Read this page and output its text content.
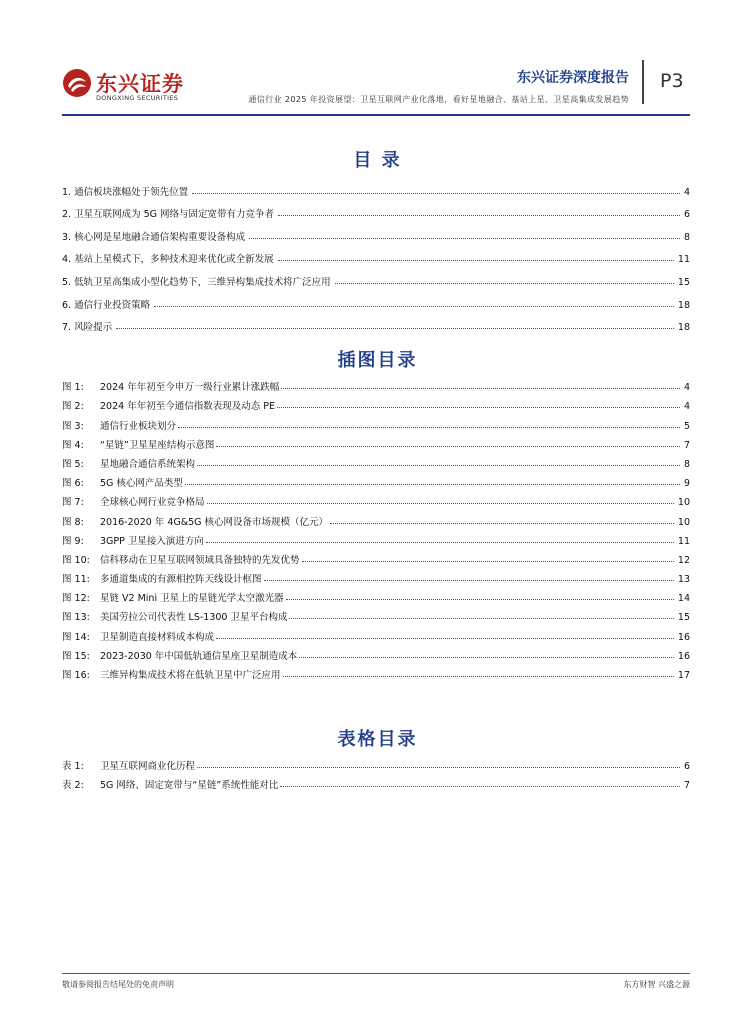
东兴证券
DONGXING SECURITIES
东兴证券深度报告
通信行业 2025 年投资展望：卫星互联网产业化落地，看好星地融合、基站上星、卫星高集成发展趋势
P3
目 录
1. 通信板块涨幅处于领先位置	4
2. 卫星互联网成为 5G 网络与固定宽带有力竞争者	6
3. 核心网是星地融合通信架构重要设备构成	8
4. 基站上星模式下，多种技术迎来优化或全新发展	11
5. 低轨卫星高集成小型化趋势下，三维异构集成技术将广泛应用	15
6. 通信行业投资策略	18
7. 风险提示	18
插图目录
图 1:	2024 年年初至今申万一级行业累计涨跌幅	4
图 2:	2024 年年初至今通信指数表现及动态 PE	4
图 3:	通信行业板块划分	5
图 4:	“星链”卫星星座结构示意图	7
图 5:	星地融合通信系统架构	8
图 6:	5G 核心网产品类型	9
图 7:	全球核心网行业竞争格局	10
图 8:	2016-2020 年 4G&5G 核心网设备市场规模（亿元）	10
图 9:	3GPP 卫星接入演进方向	11
图 10:	信科移动在卫星互联网领域具备独特的先发优势	12
图 11:	多通道集成的有源相控阵天线设计框图	13
图 12:	星链 V2 Mini 卫星上的星链光学太空激光器	14
图 13:	美国劳拉公司代表性 LS-1300 卫星平台构成	15
图 14:	卫星制造直接材料成本构成	16
图 15:	2023-2030 年中国低轨通信星座卫星制造成本	16
图 16:	三维异构集成技术将在低轨卫星中广泛应用	17
表格目录
表 1:	卫星互联网商业化历程	6
表 2:	5G 网络、固定宽带与“星链”系统性能对比	7
敬请参阅报告结尾处的免责声明	东方财智 兴盛之源
